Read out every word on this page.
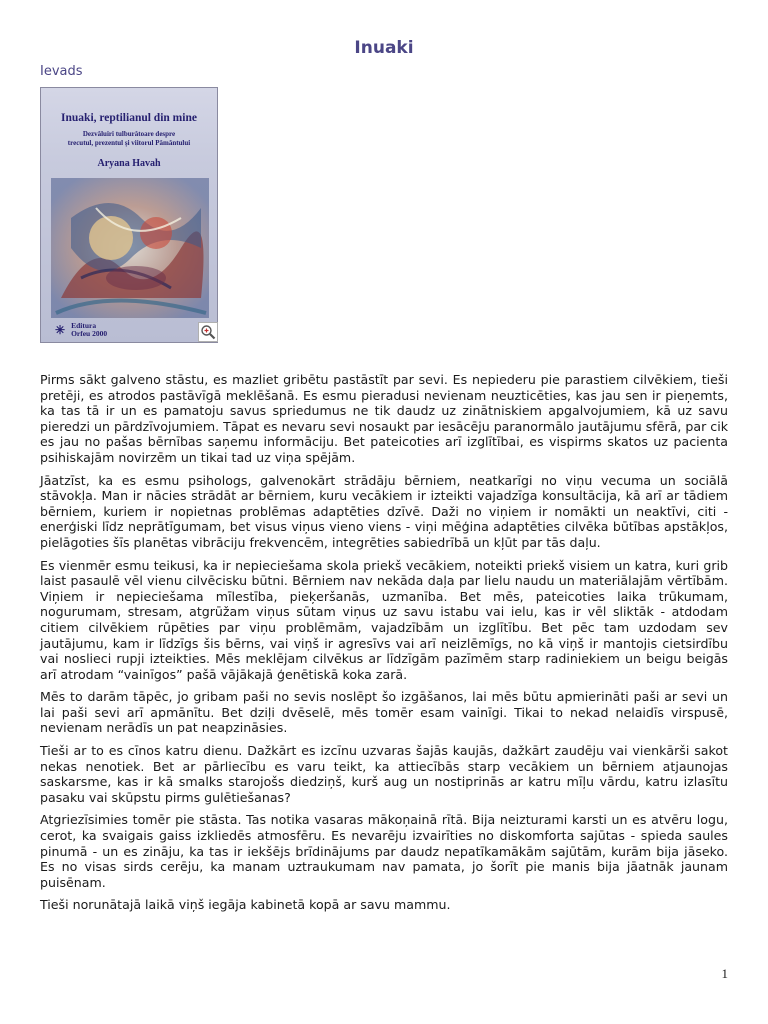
Inuaki
Ievads
Inuaki, reptilianul din mine
Dezvăluiri tulburătoare despre
trecutul, prezentul și viitorul Pământului
Aryana Havah
✳ Editura
Orfeu 2000

Pirms sākt galveno stāstu, es mazliet gribētu pastāstīt par sevi. Es nepiederu pie parastiem cilvēkiem, tieši pretēji, es atrodos pastāvīgā meklēšanā. Es esmu pieradusi nevienam neuzticēties, kas jau sen ir pieņemts, ka tas tā ir un es pamatoju savus spriedumus ne tik daudz uz zinātniskiem apgalvojumiem, kā uz savu pieredzi un pārdzīvojumiem. Tāpat es nevaru sevi nosaukt par iesācēju paranormālo jautājumu sfērā, par cik es jau no pašas bērnības saņemu informāciju. Bet pateicoties arī izglītībai, es vispirms skatos uz pacienta psihiskajām novirzēm un tikai tad uz viņa spējām.

Jāatzīst, ka es esmu psihologs, galvenokārt strādāju bērniem, neatkarīgi no viņu vecuma un sociālā stāvokļa. Man ir nācies strādāt ar bērniem, kuru vecākiem ir izteikti vajadzīga konsultācija, kā arī ar tādiem bērniem, kuriem ir nopietnas problēmas adaptēties dzīvē. Daži no viņiem ir nomākti un neaktīvi, citi - enerģiski līdz neprātīgumam, bet visus viņus vieno viens - viņi mēģina adaptēties cilvēka būtības apstākļos, pielāgoties šīs planētas vibrāciju frekvencēm, integrēties sabiedrībā un kļūt par tās daļu.

Es vienmēr esmu teikusi, ka ir nepieciešama skola priekš vecākiem, noteikti priekš visiem un katra, kuri grib laist pasaulē vēl vienu cilvēcisku būtni. Bērniem nav nekāda daļa par lielu naudu un materiālajām vērtībām. Viņiem ir nepieciešama mīlestība, pieķeršanās, uzmanība. Bet mēs, pateicoties laika trūkumam, nogurumam, stresam, atgrūžam viņus sūtam viņus uz savu istabu vai ielu, kas ir vēl sliktāk - atdodam citiem cilvēkiem rūpēties par viņu problēmām, vajadzībām un izglītību. Bet pēc tam uzdodam sev jautājumu, kam ir līdzīgs šis bērns, vai viņš ir agresīvs vai arī neizlēmīgs, no kā viņš ir mantojis cietsirdību vai noslieci rupji izteikties. Mēs meklējam cilvēkus ar līdzīgām pazīmēm starp radiniekiem un beigu beigās arī atrodam “vainīgos” pašā vājākajā ģenētiskā koka zarā.

Mēs to darām tāpēc, jo gribam paši no sevis noslēpt šo izgāšanos, lai mēs būtu apmierināti paši ar sevi un lai paši sevi arī apmānītu. Bet dziļi dvēselē, mēs tomēr esam vainīgi. Tikai to nekad nelaidīs virspusē, nevienam nerādīs un pat neapzināsies.

Tieši ar to es cīnos katru dienu. Dažkārt es izcīnu uzvaras šajās kaujās, dažkārt zaudēju vai vienkārši sakot nekas nenotiek. Bet ar pārliecību es varu teikt, ka attiecībās starp vecākiem un bērniem atjaunojas saskarsme, kas ir kā smalks starojošs diedziņš, kurš aug un nostiprinās ar katru mīļu vārdu, katru izlasītu pasaku vai skūpstu pirms gulētiešanas?

Atgriezīsimies tomēr pie stāsta. Tas notika vasaras mākoņainā rītā. Bija neizturami karsti un es atvēru logu, cerot, ka svaigais gaiss izkliedēs atmosfēru. Es nevarēju izvairīties no diskomforta sajūtas - spieda saules pinumā - un es zināju, ka tas ir iekšējs brīdinājums par daudz nepatīkamākām sajūtām, kurām bija jāseko. Es no visas sirds cerēju, ka manam uztraukumam nav pamata, jo šorīt pie manis bija jāatnāk jaunam puisēnam.

Tieši norunātajā laikā viņš iegāja kabinetā kopā ar savu mammu.

1
